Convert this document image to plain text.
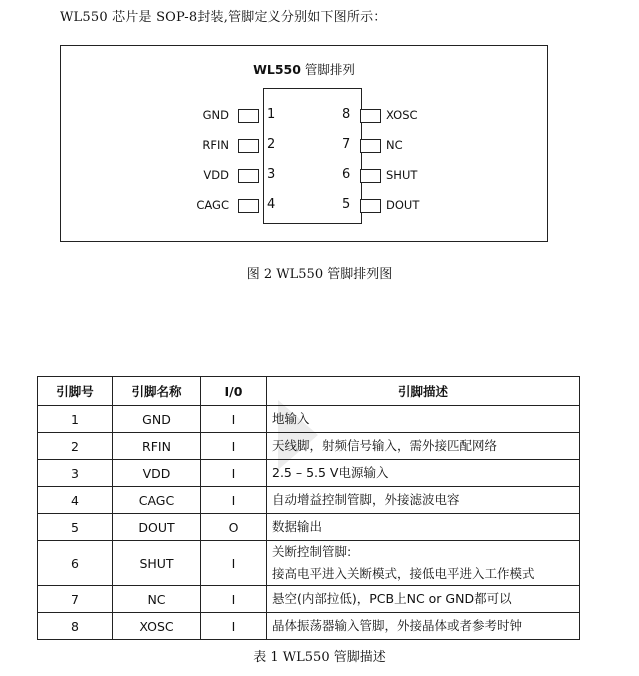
WL550 芯片是 SOP-8封装,管脚定义分别如下图所示：
WL550 管脚排列
GND	1
RFIN	2
VDD	3
CAGC	4
8	XOSC
7	NC
6	SHUT
5	DOUT
图 2 WL550 管脚排列图
引脚号	引脚名称	I/0	引脚描述
1	GND	I	地输入

2	RFIN	I	天线脚，射频信号输入，需外接匹配网络

3	VDD	I	2.5 – 5.5 V电源输入

4	CAGC	I	自动增益控制管脚，外接滤波电容

5	DOUT	O	数据输出

6	SHUT	I	关断控制管脚:
接高电平进入关断模式，接低电平进入工作模式

7	NC	I	悬空(内部拉低)，PCB上NC or GND都可以

8	XOSC	I	晶体振荡器输入管脚，外接晶体或者参考时钟
表 1 WL550 管脚描述
